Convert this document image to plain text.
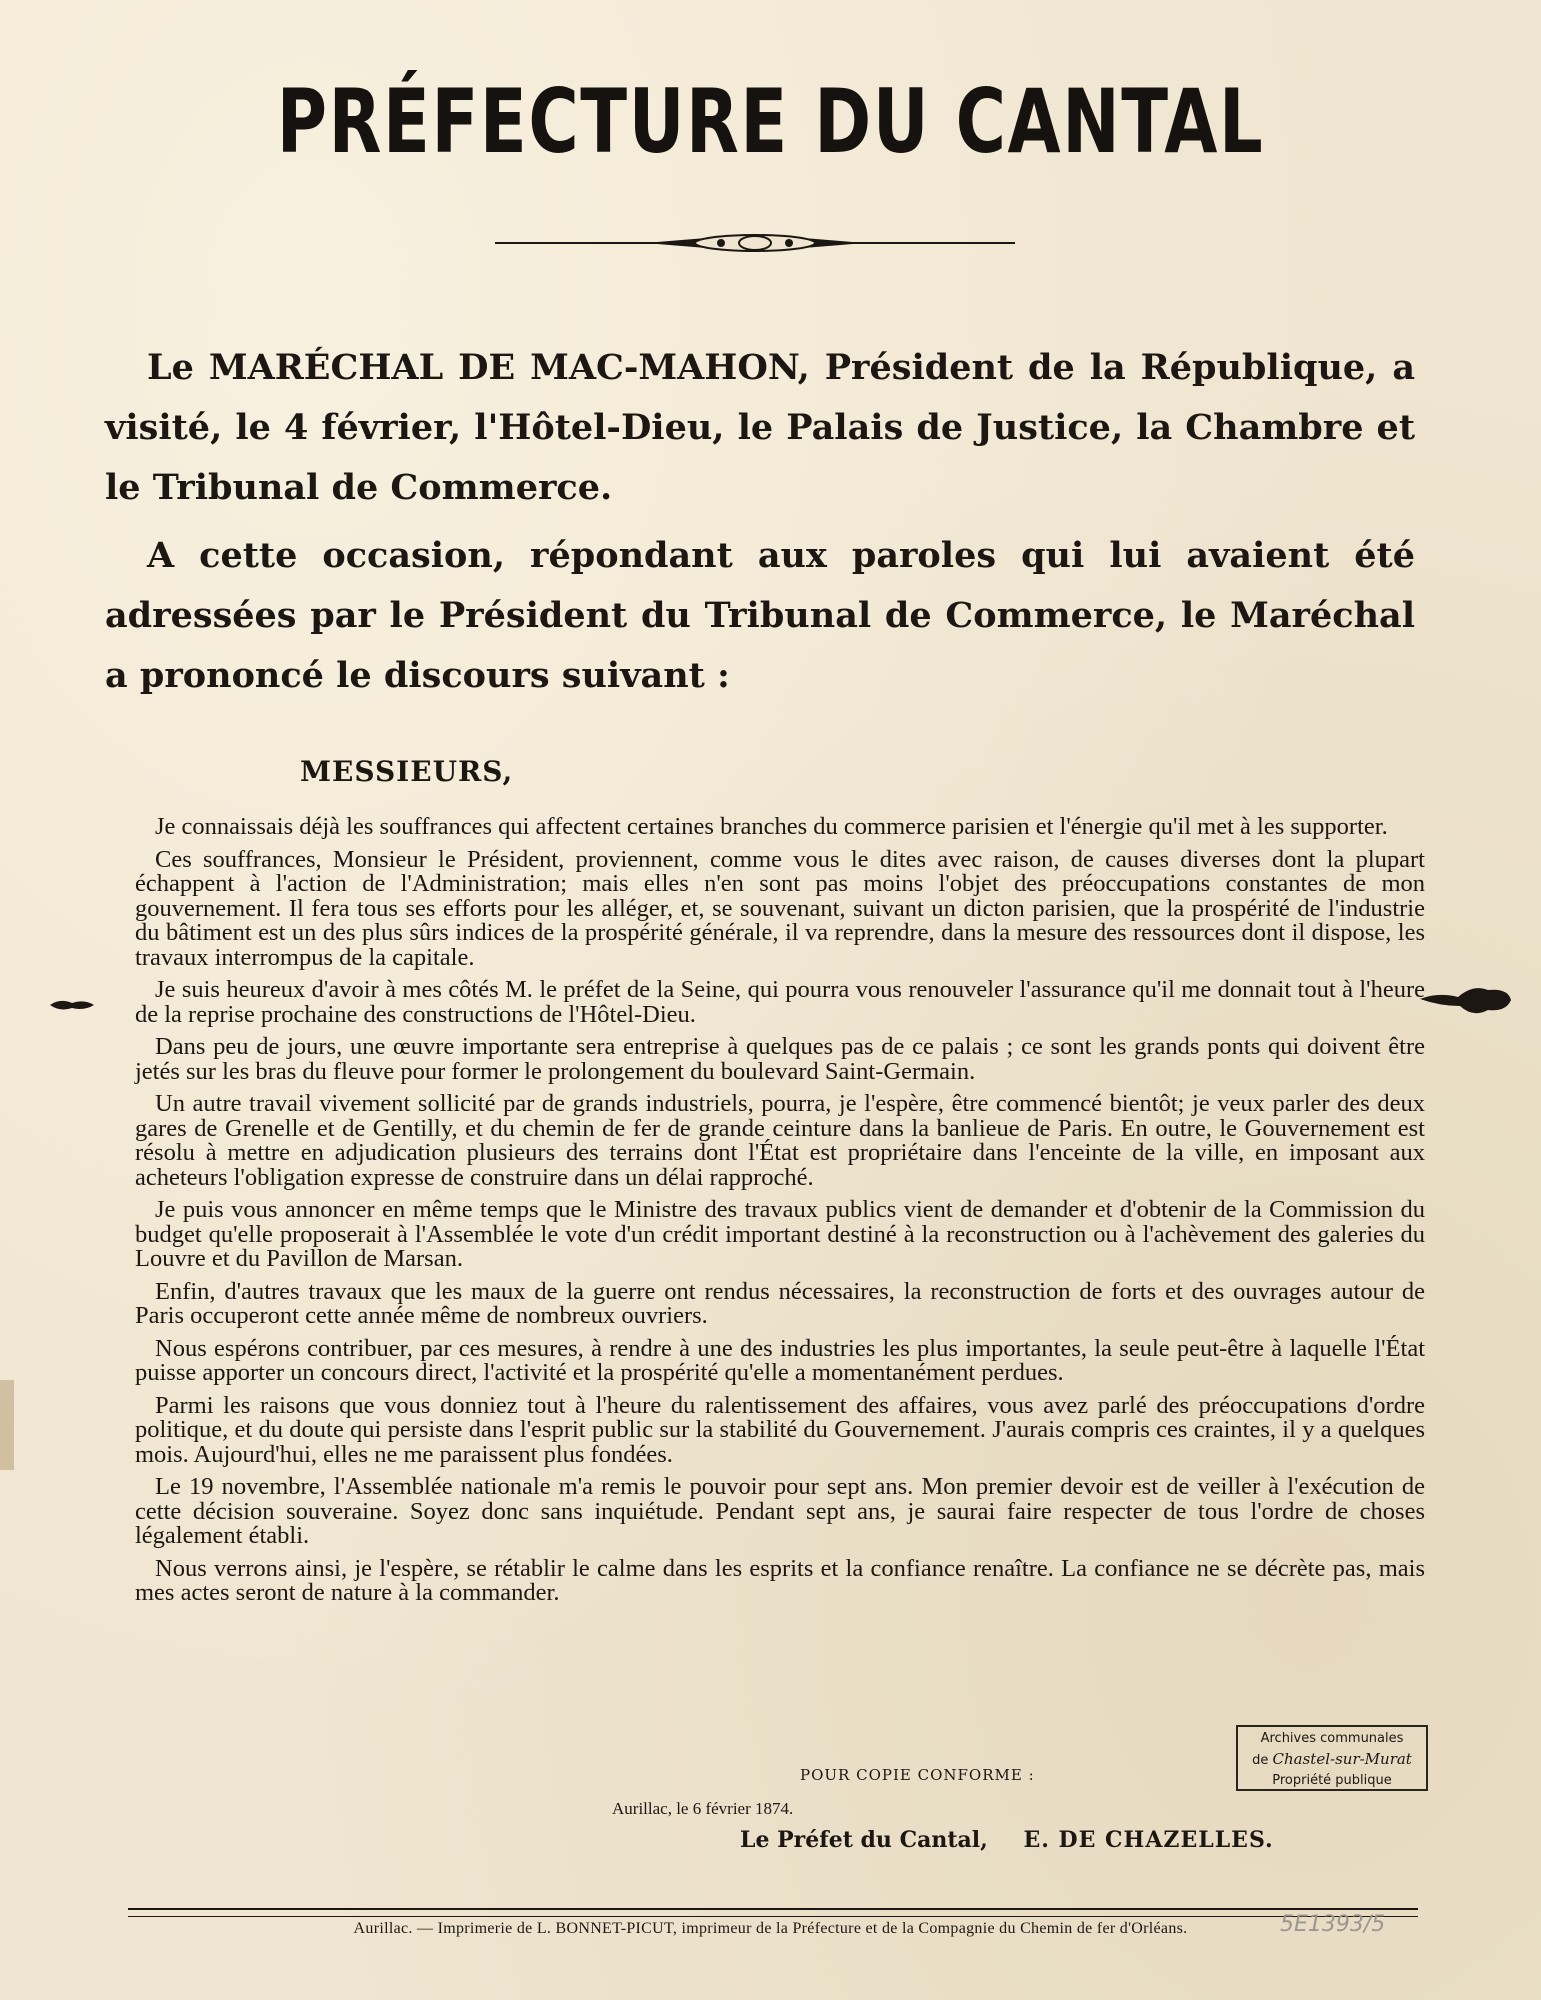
PRÉFECTURE DU CANTAL

Le MARÉCHAL DE MAC-MAHON, Président de la République, a visité, le 4 février, l'Hôtel-Dieu, le Palais de Justice, la Chambre et le Tribunal de Commerce.

A cette occasion, répondant aux paroles qui lui avaient été adressées par le Président du Tribunal de Commerce, le Maréchal a prononcé le discours suivant :

MESSIEURS,

Je connaissais déjà les souffrances qui affectent certaines branches du commerce parisien et l'énergie qu'il met à les supporter.

Ces souffrances, Monsieur le Président, proviennent, comme vous le dites avec raison, de causes diverses dont la plupart échappent à l'action de l'Administration; mais elles n'en sont pas moins l'objet des préoccupations constantes de mon gouvernement. Il fera tous ses efforts pour les alléger, et, se souvenant, suivant un dicton parisien, que la prospérité de l'industrie du bâtiment est un des plus sûrs indices de la prospérité générale, il va reprendre, dans la mesure des ressources dont il dispose, les travaux interrompus de la capitale.

Je suis heureux d'avoir à mes côtés M. le préfet de la Seine, qui pourra vous renouveler l'assurance qu'il me donnait tout à l'heure de la reprise prochaine des constructions de l'Hôtel-Dieu.

Dans peu de jours, une œuvre importante sera entreprise à quelques pas de ce palais ; ce sont les grands ponts qui doivent être jetés sur les bras du fleuve pour former le prolongement du boulevard Saint-Germain.

Un autre travail vivement sollicité par de grands industriels, pourra, je l'espère, être commencé bientôt; je veux parler des deux gares de Grenelle et de Gentilly, et du chemin de fer de grande ceinture dans la banlieue de Paris. En outre, le Gouvernement est résolu à mettre en adjudication plusieurs des terrains dont l'État est propriétaire dans l'enceinte de la ville, en imposant aux acheteurs l'obligation expresse de construire dans un délai rapproché.

Je puis vous annoncer en même temps que le Ministre des travaux publics vient de demander et d'obtenir de la Commission du budget qu'elle proposerait à l'Assemblée le vote d'un crédit important destiné à la reconstruction ou à l'achèvement des galeries du Louvre et du Pavillon de Marsan.

Enfin, d'autres travaux que les maux de la guerre ont rendus nécessaires, la reconstruction de forts et des ouvrages autour de Paris occuperont cette année même de nombreux ouvriers.

Nous espérons contribuer, par ces mesures, à rendre à une des industries les plus importantes, la seule peut-être à laquelle l'État puisse apporter un concours direct, l'activité et la prospérité qu'elle a momentanément perdues.

Parmi les raisons que vous donniez tout à l'heure du ralentissement des affaires, vous avez parlé des préoccupations d'ordre politique, et du doute qui persiste dans l'esprit public sur la stabilité du Gouvernement. J'aurais compris ces craintes, il y a quelques mois. Aujourd'hui, elles ne me paraissent plus fondées.

Le 19 novembre, l'Assemblée nationale m'a remis le pouvoir pour sept ans. Mon premier devoir est de veiller à l'exécution de cette décision souveraine. Soyez donc sans inquiétude. Pendant sept ans, je saurai faire respecter de tous l'ordre de choses légalement établi.

Nous verrons ainsi, je l'espère, se rétablir le calme dans les esprits et la confiance renaître. La confiance ne se décrète pas, mais mes actes seront de nature à la commander.

Archives communales
de Chastel-sur-Murat
Propriété publique
POUR COPIE CONFORME :
Aurillac, le 6 février 1874.
Le Préfet du Cantal, E. DE CHAZELLES.
Aurillac. — Imprimerie de L. BONNET-PICUT, imprimeur de la Préfecture et de la Compagnie du Chemin de fer d'Orléans.	5E1393/5
